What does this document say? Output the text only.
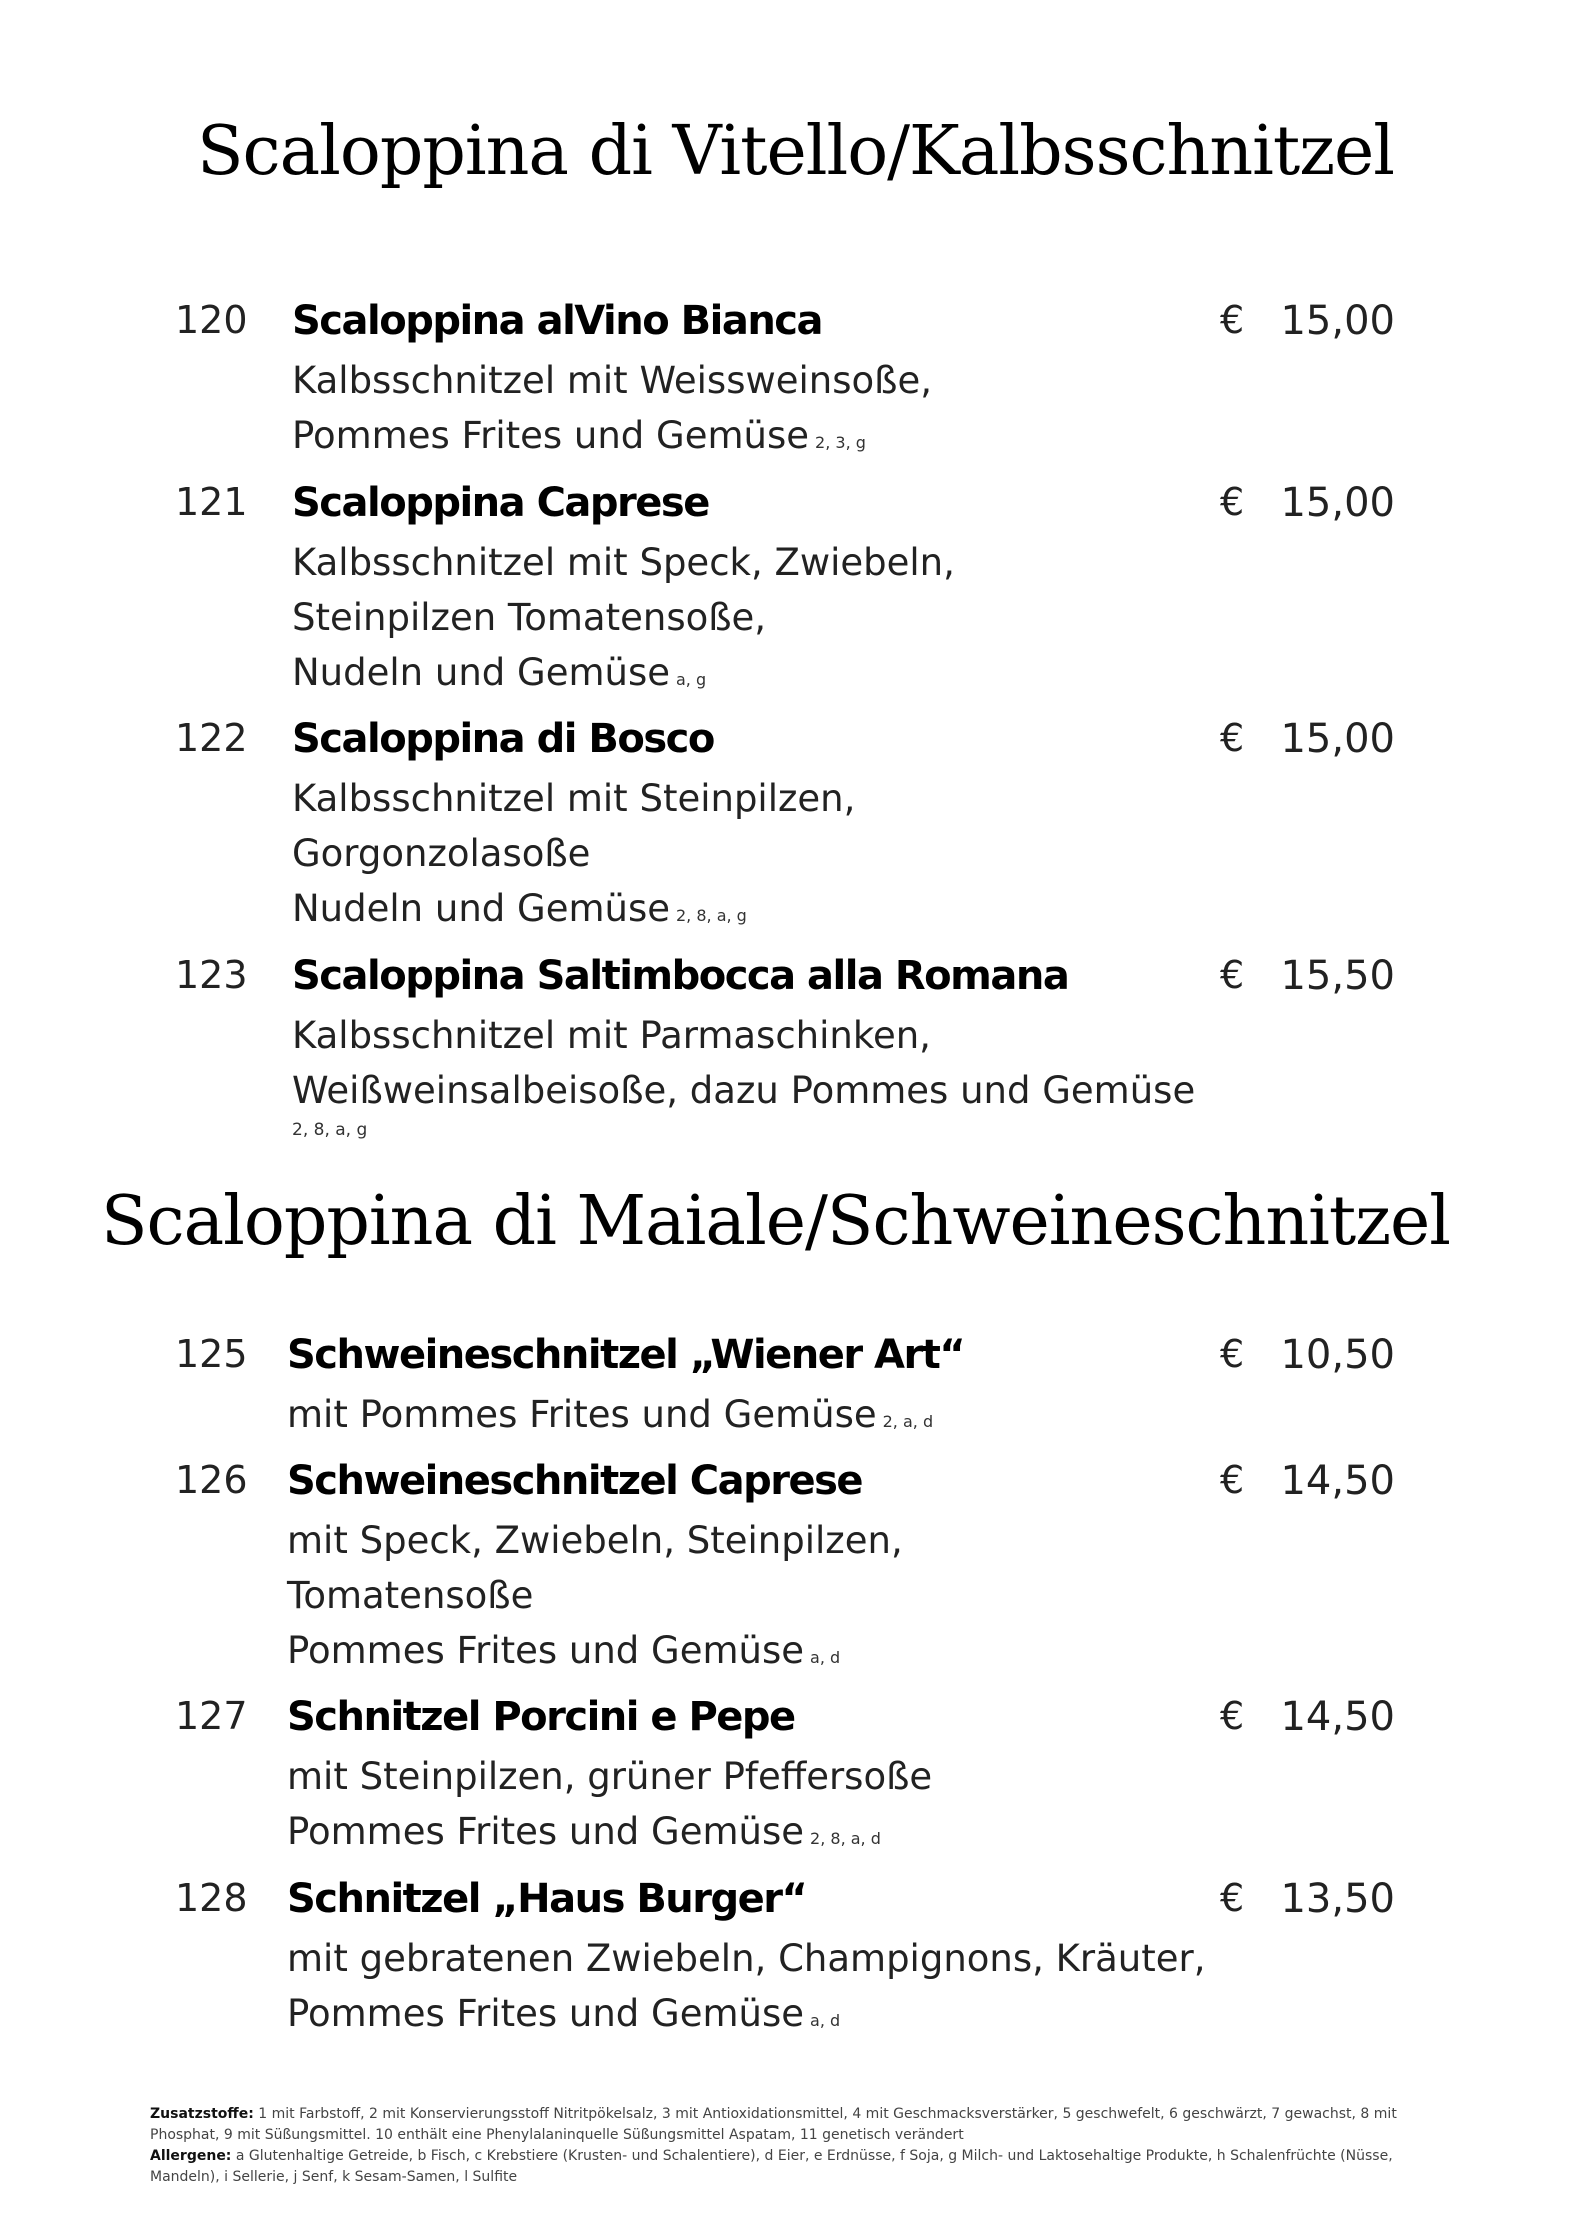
Scaloppina di Vitello/Kalbsschnitzel
120 Scaloppina alVino Bianca	€ 15,00
Kalbsschnitzel mit Weissweinsoße,
Pommes Frites und Gemüse 2, 3, g
121 Scaloppina Caprese	€ 15,00
Kalbsschnitzel mit Speck, Zwiebeln,
Steinpilzen Tomatensoße,
Nudeln und Gemüse a, g
122 Scaloppina di Bosco	€ 15,00
Kalbsschnitzel mit Steinpilzen,
Gorgonzolasoße
Nudeln und Gemüse 2, 8, a, g
123 Scaloppina Saltimbocca alla Romana	€ 15,50
Kalbsschnitzel mit Parmaschinken,
Weißweinsalbeisoße, dazu Pommes und Gemüse
2, 8, a, g
Scaloppina di Maiale/Schweineschnitzel
125 Schweineschnitzel „Wiener Art“	€ 10,50
mit Pommes Frites und Gemüse 2, a, d
126 Schweineschnitzel Caprese	€ 14,50
mit Speck, Zwiebeln, Steinpilzen,
Tomatensoße
Pommes Frites und Gemüse a, d
127 Schnitzel Porcini e Pepe	€ 14,50
mit Steinpilzen, grüner Pfeffersoße
Pommes Frites und Gemüse 2, 8, a, d
128 Schnitzel „Haus Burger“	€ 13,50
mit gebratenen Zwiebeln, Champignons, Kräuter,
Pommes Frites und Gemüse a, d
Zusatzstoffe: 1 mit Farbstoff, 2 mit Konservierungsstoff Nitritpökelsalz, 3 mit Antioxidationsmittel, 4 mit Geschmacksverstärker, 5 geschwefelt, 6 geschwärzt, 7 gewachst, 8 mit Phosphat, 9 mit Süßungsmittel. 10 enthält eine Phenylalaninquelle Süßungsmittel Aspatam, 11 genetisch verändert
Allergene: a Glutenhaltige Getreide, b Fisch, c Krebstiere (Krusten- und Schalentiere), d Eier, e Erdnüsse, f Soja, g Milch- und Laktosehaltige Produkte, h Schalenfrüchte (Nüsse, Mandeln), i Sellerie, j Senf, k Sesam-Samen, l Sulfite
